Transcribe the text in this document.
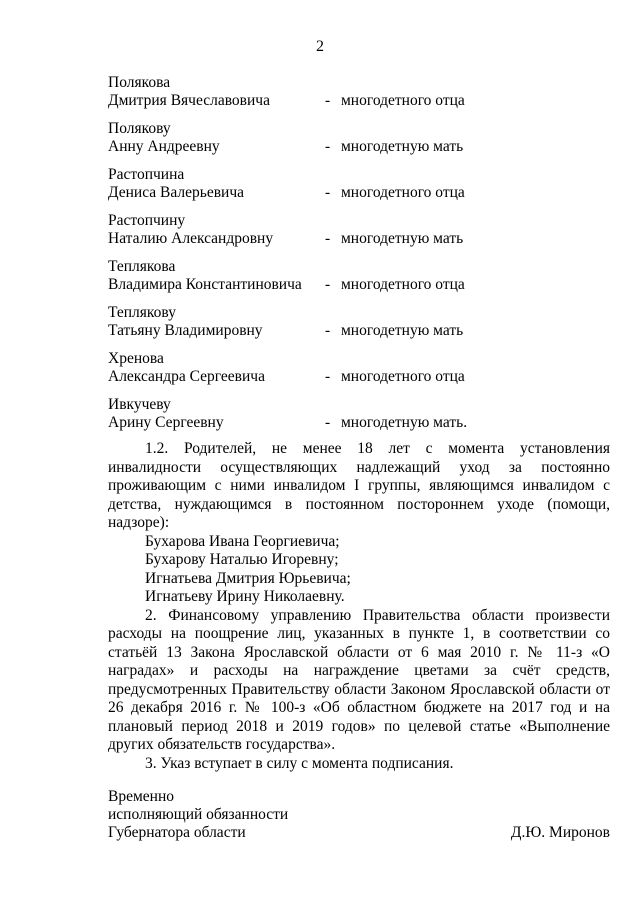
2
Полякова
Дмитрия Вячеславовича	- многодетного отца
Полякову
Анну Андреевну	- многодетную мать
Растопчина
Дениса Валерьевича	- многодетного отца
Растопчину
Наталию Александровну	- многодетную мать
Теплякова
Владимира Константиновича - многодетного отца
Теплякову
Татьяну Владимировну	- многодетную мать
Хренова
Александра Сергеевича	- многодетного отца
Ивкучеву
Арину Сергеевну	- многодетную мать.

1.2. Родителей, не менее 18 лет с момента установления инвалидности осуществляющих надлежащий уход за постоянно проживающим с ними инвалидом I группы, являющимся инвалидом с детства, нуждающимся в постоянном постороннем уходе (помощи, надзоре):

Бухарова Ивана Георгиевича;

Бухарову Наталью Игоревну;

Игнатьева Дмитрия Юрьевича;

Игнатьеву Ирину Николаевну.

2. Финансовому управлению Правительства области произвести расходы на поощрение лиц, указанных в пункте 1, в соответствии со статьёй 13 Закона Ярославской области от 6 мая 2010 г. № 11-з «О наградах» и расходы на награждение цветами за счёт средств, предусмотренных Правительству области Законом Ярославской области от 26 декабря 2016 г. № 100-з «Об областном бюджете на 2017 год и на плановый период 2018 и 2019 годов» по целевой статье «Выполнение других обязательств государства».

3. Указ вступает в силу с момента подписания.

Временно
исполняющий обязанности
Губернатора области	Д.Ю. Миронов
